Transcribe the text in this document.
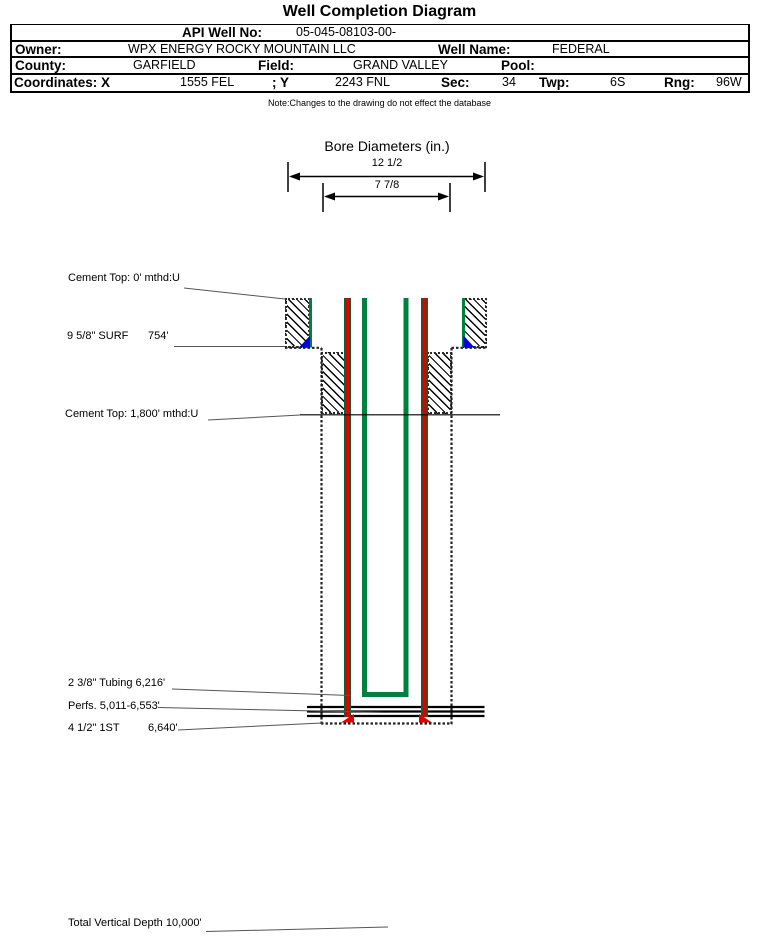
Well Completion Diagram
API Well No:	05-045-08103-00-
Owner:	WPX ENERGY ROCKY MOUNTAIN LLC	Well Name:	FEDERAL
County:	GARFIELD	Field:	GRAND VALLEY	Pool:
Coordinates: X	1555 FEL	; Y	2243 FNL	Sec:	34 Twp:	6S	Rng: 96W
Note:Changes to the drawing do not effect the database
Bore Diameters (in.)
12 1/2
7 7/8
Cement Top: 0' mthd:U
9 5/8" SURF 754'
Cement Top: 1,800' mthd:U
2 3/8" Tubing 6,216'
Perfs. 5,011-6,553'
4 1/2" 1ST	6,640'
Total Vertical Depth 10,000'
